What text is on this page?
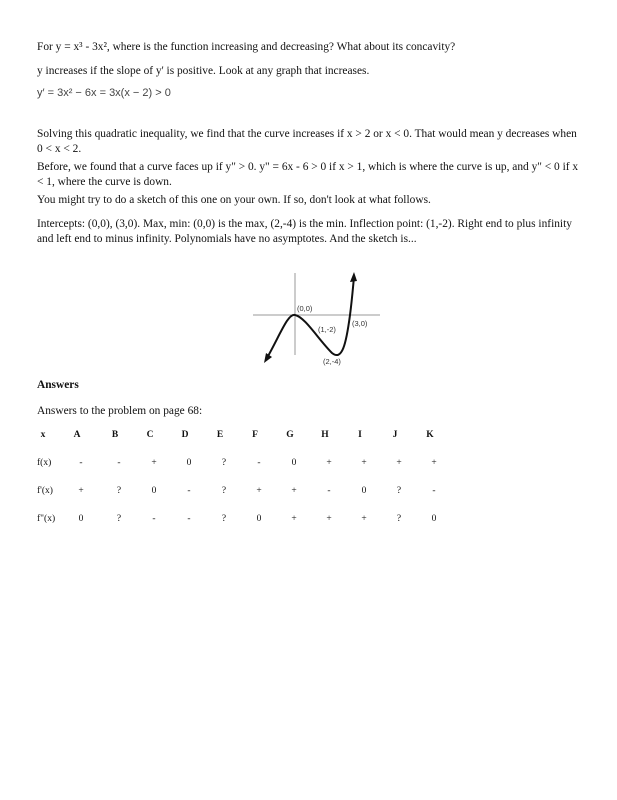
For y = x³ - 3x², where is the function increasing and decreasing? What about its concavity?
y increases if the slope of y' is positive. Look at any graph that increases.
y′ = 3x² − 6x = 3x(x − 2) > 0
Solving this quadratic inequality, we find that the curve increases if x > 2 or x < 0. That would mean y decreases when 0 < x < 2.
Before, we found that a curve faces up if y" > 0. y" = 6x - 6 > 0 if x > 1, which is where the curve is up, and y" < 0 if x < 1, where the curve is down.
You might try to do a sketch of this one on your own. If so, don't look at what follows.
Intercepts: (0,0), (3,0). Max, min: (0,0) is the max, (2,-4) is the min. Inflection point: (1,-2). Right end to plus infinity and left end to minus infinity. Polynomials have no asymptotes. And the sketch is...
(0,0)
(3,0)
(1,-2)
(2,-4)
Answers
Answers to the problem on page 68:
x	A	B	C	D	E	F	G	H	I	J	K
f(x)	-	-	+	0	?	-	0	+	+	+	+
f'(x)	+	?	0	-	?	+	+	-	0	?	-
f"(x)	0	?	-	-	?	0	+	+	+	?	0
